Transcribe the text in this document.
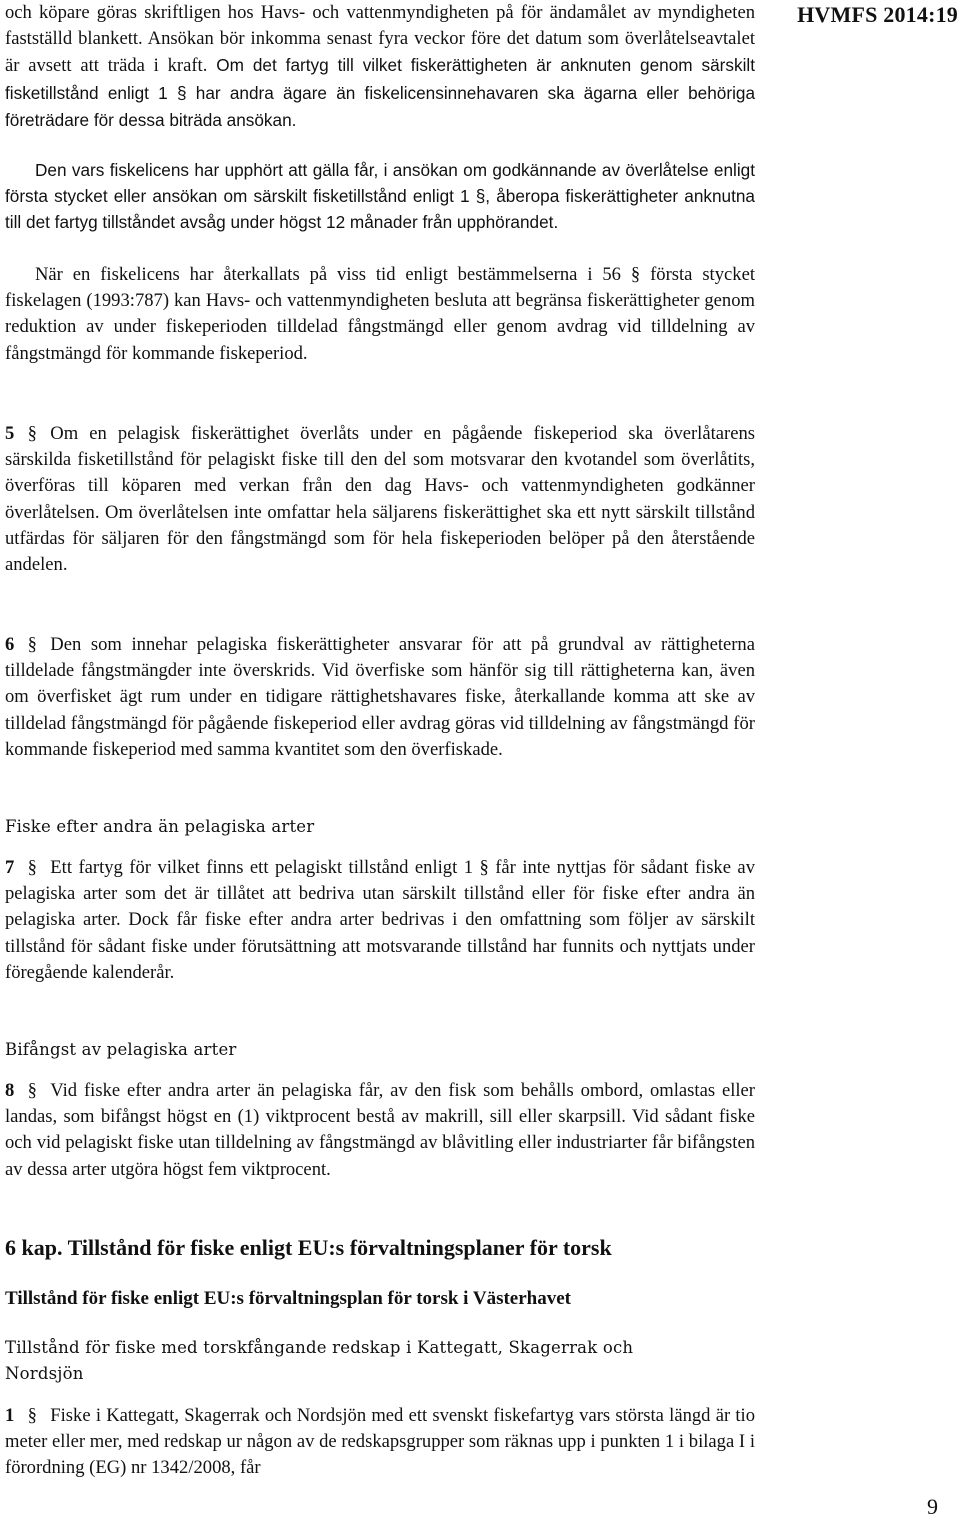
HVMFS 2014:19

och köpare göras skriftligen hos Havs- och vattenmyndigheten på för ändamålet av myndigheten fastställd blankett. Ansökan bör inkomma senast fyra veckor före det datum som överlåtelseavtalet är avsett att träda i kraft. Om det fartyg till vilket fiskerättigheten är anknuten genom särskilt fisketillstånd enligt 1 § har andra ägare än fiskelicensinnehavaren ska ägarna eller behöriga företrädare för dessa biträda ansökan.

Den vars fiskelicens har upphört att gälla får, i ansökan om godkännande av överlåtelse enligt första stycket eller ansökan om särskilt fisketillstånd enligt 1 §, åberopa fiskerättigheter anknutna till det fartyg tillståndet avsåg under högst 12 månader från upphörandet.

När en fiskelicens har återkallats på viss tid enligt bestämmelserna i 56 § första stycket fiskelagen (1993:787) kan Havs- och vattenmyndigheten besluta att begränsa fiskerättigheter genom reduktion av under fiskeperioden tilldelad fångstmängd eller genom avdrag vid tilldelning av fångstmängd för kommande fiskeperiod.

5 § Om en pelagisk fiskerättighet överlåts under en pågående fiskeperiod ska överlåtarens särskilda fisketillstånd för pelagiskt fiske till den del som motsvarar den kvotandel som överlåtits, överföras till köparen med verkan från den dag Havs- och vattenmyndigheten godkänner överlåtelsen. Om överlåtelsen inte omfattar hela säljarens fiskerättighet ska ett nytt särskilt tillstånd utfärdas för säljaren för den fångstmängd som för hela fiskeperioden belöper på den återstående andelen.

6 § Den som innehar pelagiska fiskerättigheter ansvarar för att på grundval av rättigheterna tilldelade fångstmängder inte överskrids. Vid överfiske som hänför sig till rättigheterna kan, även om överfisket ägt rum under en tidigare rättighetshavares fiske, återkallande komma att ske av tilldelad fångstmängd för pågående fiskeperiod eller avdrag göras vid tilldelning av fångstmängd för kommande fiskeperiod med samma kvantitet som den överfiskade.

Fiske efter andra än pelagiska arter

7 § Ett fartyg för vilket finns ett pelagiskt tillstånd enligt 1 § får inte nyttjas för sådant fiske av pelagiska arter som det är tillåtet att bedriva utan särskilt tillstånd eller för fiske efter andra än pelagiska arter. Dock får fiske efter andra arter bedrivas i den omfattning som följer av särskilt tillstånd för sådant fiske under förutsättning att motsvarande tillstånd har funnits och nyttjats under föregående kalenderår.

Bifångst av pelagiska arter

8 § Vid fiske efter andra arter än pelagiska får, av den fisk som behålls ombord, omlastas eller landas, som bifångst högst en (1) viktprocent bestå av makrill, sill eller skarpsill. Vid sådant fiske och vid pelagiskt fiske utan tilldelning av fångstmängd av blåvitling eller industriarter får bifångsten av dessa arter utgöra högst fem viktprocent.

6 kap. Tillstånd för fiske enligt EU:s förvaltningsplaner för torsk

Tillstånd för fiske enligt EU:s förvaltningsplan för torsk i Västerhavet

Tillstånd för fiske med torskfångande redskap i Kattegatt, Skagerrak och Nordsjön

1 § Fiske i Kattegatt, Skagerrak och Nordsjön med ett svenskt fiskefartyg vars största längd är tio meter eller mer, med redskap ur någon av de redskapsgrupper som räknas upp i punkten 1 i bilaga I i förordning (EG) nr 1342/2008, får

9
